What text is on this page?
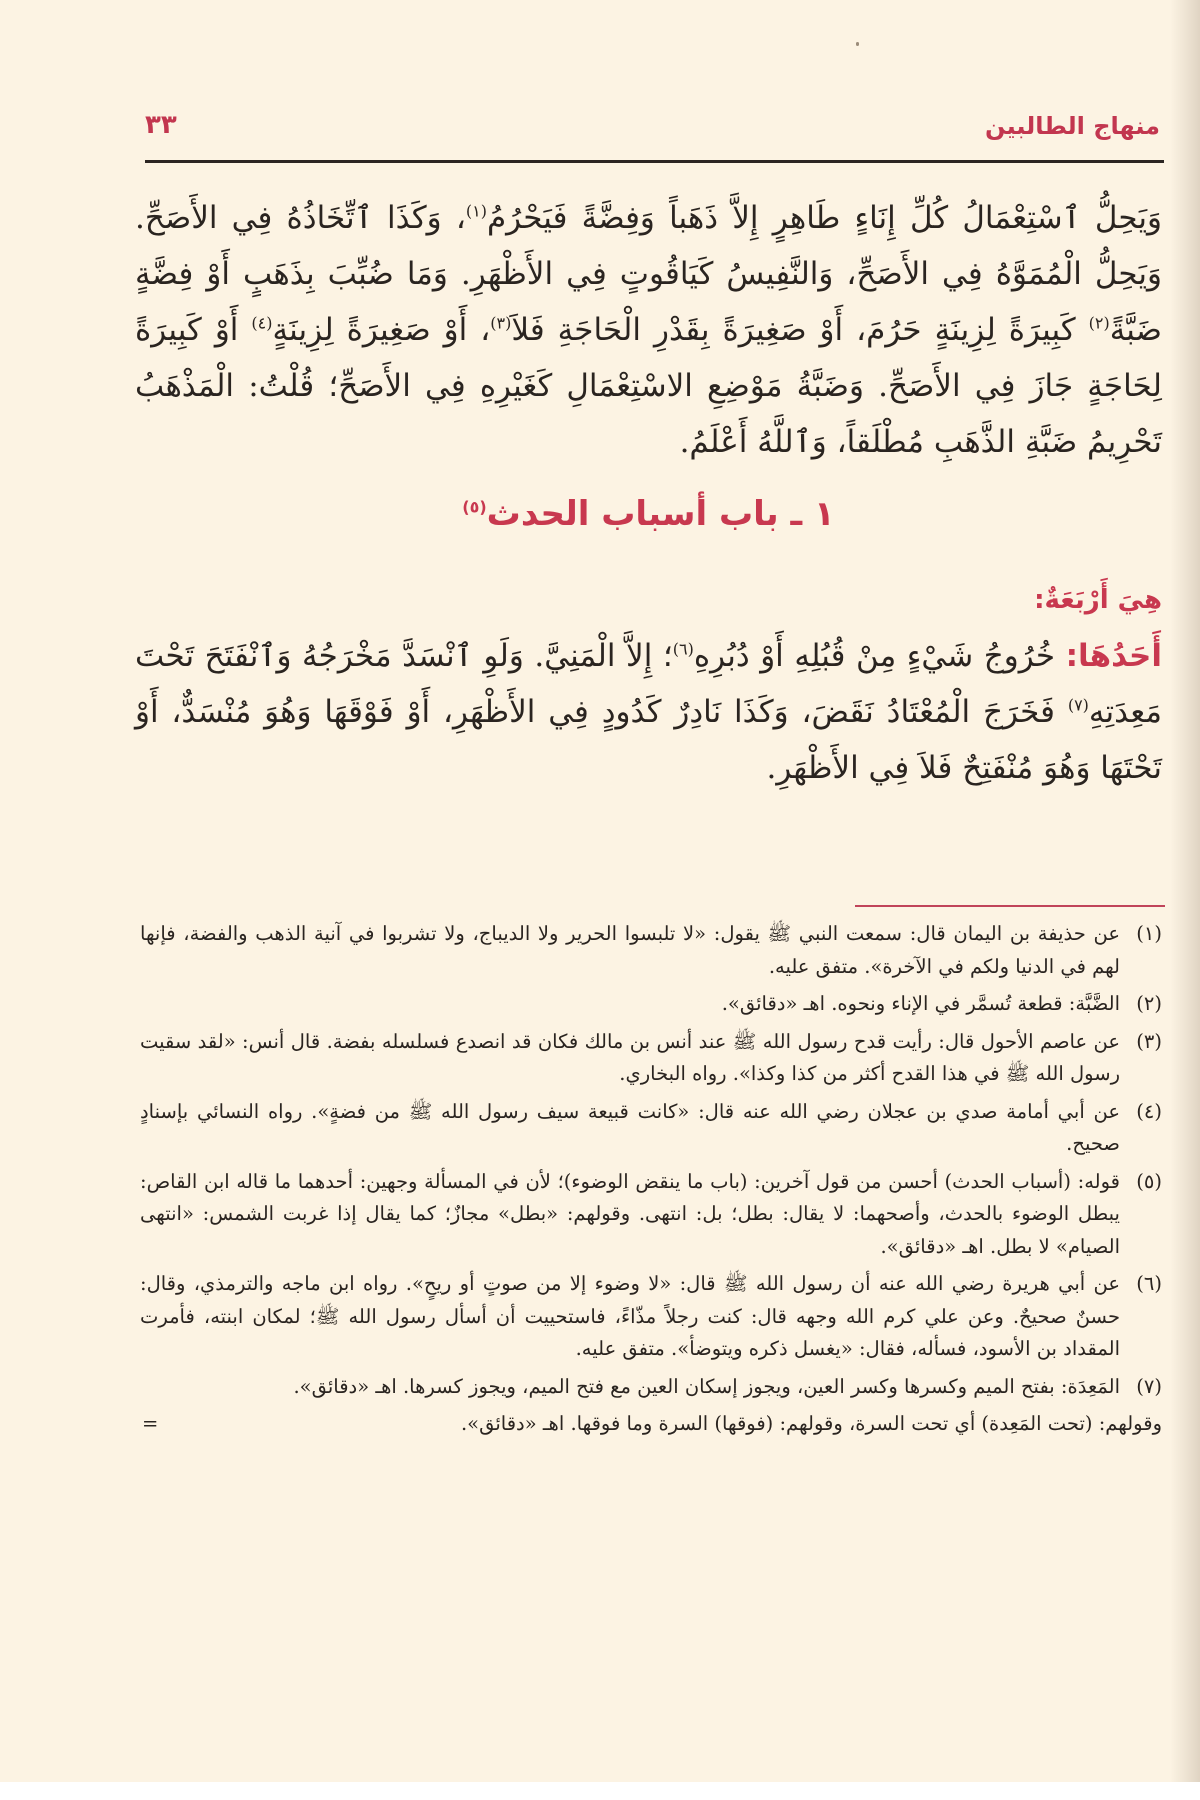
منهاج الطالبين
٣٣

وَيَحِلُّ ٱسْتِعْمَالُ كُلِّ إِنَاءٍ طَاهِرٍ إِلاَّ ذَهَباً وَفِضَّةً فَيَحْرُمُ$^{(١)}$، وَكَذَا ٱتِّخَاذُهُ فِي الأَصَحِّ. وَيَحِلُّ الْمُمَوَّهُ فِي الأَصَحِّ، وَالنَّفِيسُ كَيَاقُوتٍ فِي الأَظْهَرِ. وَمَا ضُبِّبَ بِذَهَبٍ أَوْ فِضَّةٍ ضَبَّةً$^{(٢)}$ كَبِيرَةً لِزِينَةٍ حَرُمَ، أَوْ صَغِيرَةً بِقَدْرِ الْحَاجَةِ فَلاَ$^{(٣)}$، أَوْ صَغِيرَةً لِزِينَةٍ$^{(٤)}$ أَوْ كَبِيرَةً لِحَاجَةٍ جَازَ فِي الأَصَحِّ. وَضَبَّةُ مَوْضِعِ الاسْتِعْمَالِ كَغَيْرِهِ فِي الأَصَحِّ؛ قُلْتُ: الْمَذْهَبُ تَحْرِيمُ ضَبَّةِ الذَّهَبِ مُطْلَقاً، وَٱللَّهُ أَعْلَمُ.

١ ـ باب أسباب الحدث$^{(٥)}$
هِيَ أَرْبَعَةٌ:

أَحَدُهَا: خُرُوجُ شَيْءٍ مِنْ قُبُلِهِ أَوْ دُبُرِهِ$^{(٦)}$؛ إِلاَّ الْمَنِيَّ. وَلَوِ ٱنْسَدَّ مَخْرَجُهُ وَٱنْفَتَحَ تَحْتَ مَعِدَتِهِ$^{(٧)}$ فَخَرَجَ الْمُعْتَادُ نَقَضَ، وَكَذَا نَادِرٌ كَدُودٍ فِي الأَظْهَرِ، أَوْ فَوْقَهَا وَهُوَ مُنْسَدٌّ، أَوْ تَحْتَهَا وَهُوَ مُنْفَتِحٌ فَلاَ فِي الأَظْهَرِ.

(١)
عن حذيفة بن اليمان قال: سمعت النبي ﷺ يقول: «لا تلبسوا الحرير ولا الديباج، ولا تشربوا في آنية الذهب والفضة، فإنها لهم في الدنيا ولكم في الآخرة». متفق عليه.
(٢)
الضَّبَّة: قطعة تُسمَّر في الإناء ونحوه. اهـ «دقائق».
(٣)
عن عاصم الأحول قال: رأيت قدح رسول الله ﷺ عند أنس بن مالك فكان قد انصدع فسلسله بفضة. قال أنس: «لقد سقيت رسول الله ﷺ في هذا القدح أكثر من كذا وكذا». رواه البخاري.
(٤)
عن أبي أمامة صدي بن عجلان رضي الله عنه قال: «كانت قبيعة سيف رسول الله ﷺ من فضةٍ». رواه النسائي بإسنادٍ صحيح.
(٥)
قوله: (أسباب الحدث) أحسن من قول آخرين: (باب ما ينقض الوضوء)؛ لأن في المسألة وجهين: أحدهما ما قاله ابن القاص: يبطل الوضوء بالحدث، وأصحهما: لا يقال: بطل؛ بل: انتهى. وقولهم: «بطل» مجازٌ؛ كما يقال إذا غربت الشمس: «انتهى الصيام» لا بطل. اهـ «دقائق».
(٦)
عن أبي هريرة رضي الله عنه أن رسول الله ﷺ قال: «لا وضوء إلا من صوتٍ أو ريحٍ». رواه ابن ماجه والترمذي، وقال: حسنٌ صحيحٌ. وعن علي كرم الله وجهه قال: كنت رجلاً مذّاءً، فاستحييت أن أسأل رسول الله ﷺ؛ لمكان ابنته، فأمرت المقداد بن الأسود، فسأله، فقال: «يغسل ذكره ويتوضأ». متفق عليه.
(٧)
المَعِدَة: بفتح الميم وكسرها وكسر العين، ويجوز إسكان العين مع فتح الميم، ويجوز كسرها. اهـ «دقائق».
وقولهم: (تحت المَعِدة) أي تحت السرة، وقولهم: (فوقها) السرة وما فوقها. اهـ «دقائق».
=
